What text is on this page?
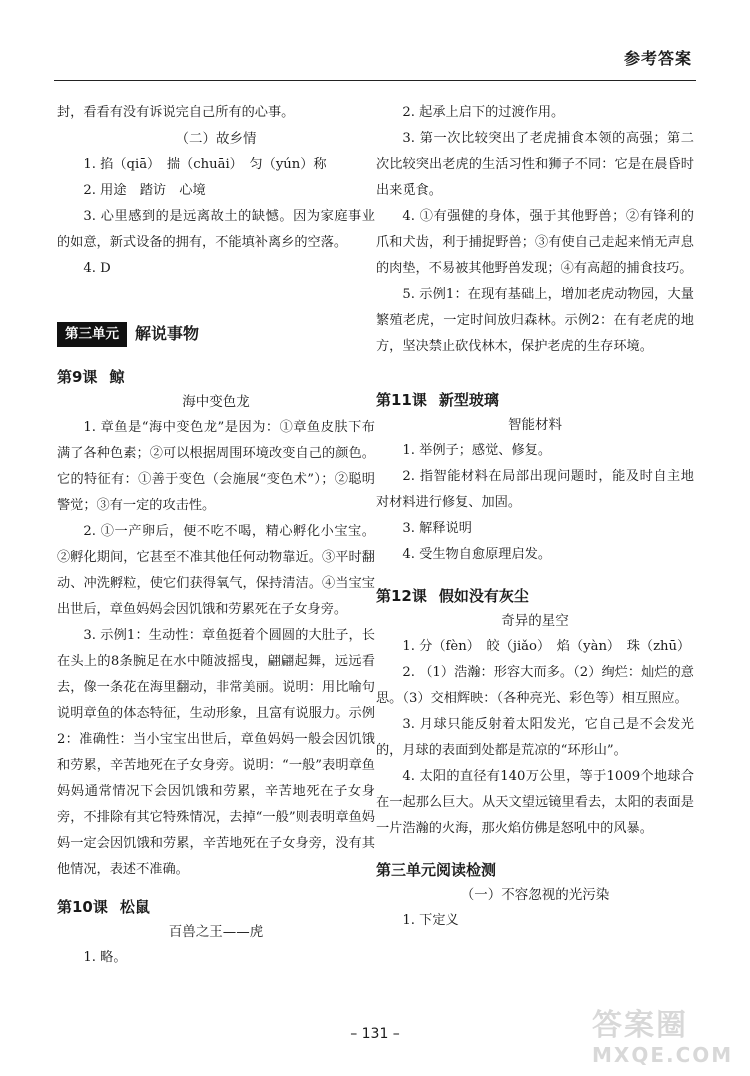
参考答案

封，看看有没有诉说完自己所有的心事。

（二）故乡情

1. 掐（qiā）　揣（chuāi）　匀（yún）称

2. 用途　踏访　心境

3. 心里感到的是远离故土的缺憾。因为家庭事业的如意，新式设备的拥有，不能填补离乡的空落。

4. D

第三单元 解说事物

第9课 鲸

海中变色龙

1. 章鱼是“海中变色龙”是因为：①章鱼皮肤下布满了各种色素；②可以根据周围环境改变自己的颜色。它的特征有：①善于变色（会施展“变色术”）；②聪明警觉；③有一定的攻击性。

2. ①一产卵后，便不吃不喝，精心孵化小宝宝。②孵化期间，它甚至不准其他任何动物靠近。③平时翻动、冲洗孵粒，使它们获得氧气，保持清洁。④当宝宝出世后，章鱼妈妈会因饥饿和劳累死在子女身旁。

3. 示例1：生动性：章鱼挺着个圆圆的大肚子，长在头上的8条腕足在水中随波摇曳，翩翩起舞，远远看去，像一条花在海里翻动，非常美丽。说明：用比喻句说明章鱼的体态特征，生动形象，且富有说服力。示例2：准确性：当小宝宝出世后，章鱼妈妈一般会因饥饿和劳累，辛苦地死在子女身旁。说明：“一般”表明章鱼妈妈通常情况下会因饥饿和劳累，辛苦地死在子女身旁，不排除有其它特殊情况，去掉“一般”则表明章鱼妈妈一定会因饥饿和劳累，辛苦地死在子女身旁，没有其他情况，表述不准确。

第10课 松鼠

百兽之王——虎

1. 略。

2. 起承上启下的过渡作用。

3. 第一次比较突出了老虎捕食本领的高强；第二次比较突出老虎的生活习性和狮子不同：它是在晨昏时出来觅食。

4. ①有强健的身体，强于其他野兽；②有锋利的爪和犬齿，利于捕捉野兽；③有使自己走起来悄无声息的肉垫，不易被其他野兽发现；④有高超的捕食技巧。

5. 示例1：在现有基础上，增加老虎动物园，大量繁殖老虎，一定时间放归森林。示例2：在有老虎的地方，坚决禁止砍伐林木，保护老虎的生存环境。

第11课 新型玻璃

智能材料

1. 举例子；感觉、修复。

2. 指智能材料在局部出现问题时，能及时自主地对材料进行修复、加固。

3. 解释说明

4. 受生物自愈原理启发。

第12课 假如没有灰尘

奇异的星空

1. 分（fèn）　皎（jiǎo）　焰（yàn）　珠（zhū）

2. （1）浩瀚：形容大而多。（2）绚烂：灿烂的意思。（3）交相辉映：（各种亮光、彩色等）相互照应。

3. 月球只能反射着太阳发光，它自己是不会发光的，月球的表面到处都是荒凉的“环形山”。

4. 太阳的直径有140万公里，等于1009个地球合在一起那么巨大。从天文望远镜里看去，太阳的表面是一片浩瀚的火海，那火焰仿佛是怒吼中的风暴。

第三单元阅读检测

（一）不容忽视的光污染

1. 下定义

– 131 –	答案圈
MXQE.COM
